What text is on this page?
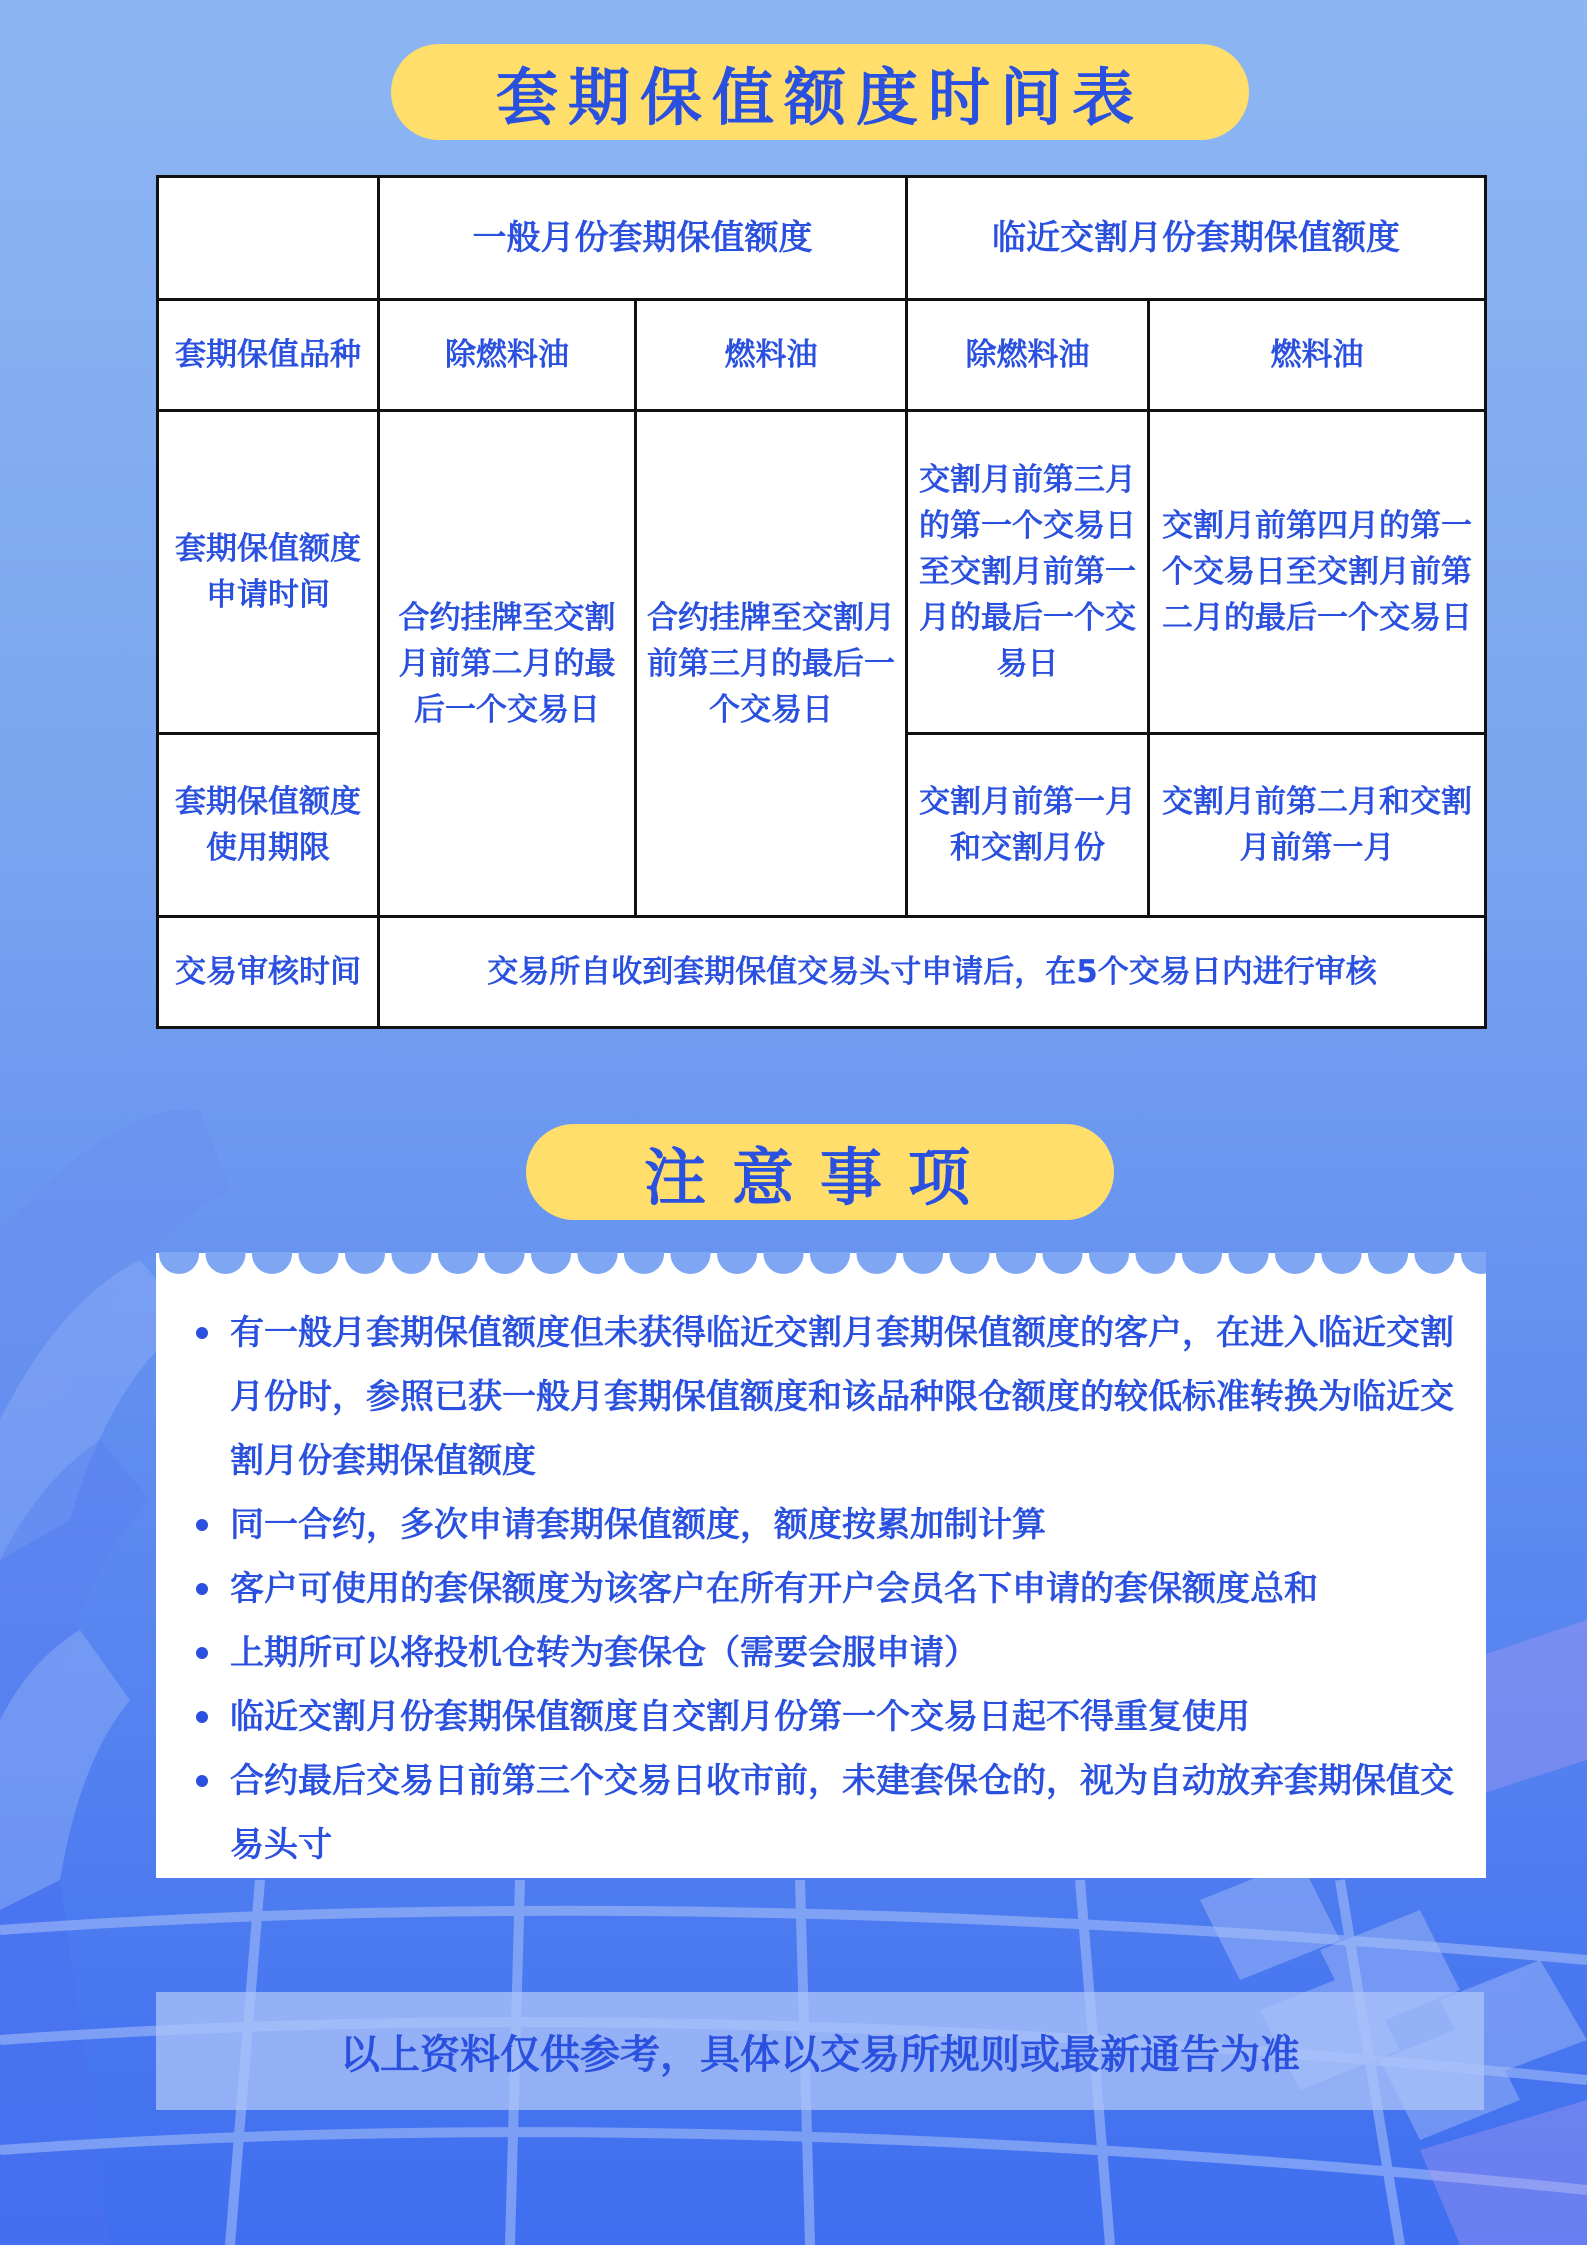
套期保值额度时间表
	一般月份套期保值额度		临近交割月份套期保值额度	
套期保值品种	除燃料油	燃料油	除燃料油	燃料油
套期保值额度申请时间	合约挂牌至交割月前第二月的最后一个交易日	合约挂牌至交割月前第三月的最后一个交易日	交割月前第三月的第一个交易日至交割月前第一月的最后一个交易日	交割月前第四月的第一个交易日至交割月前第二月的最后一个交易日
套期保值额度使用期限			交割月前第一月和交割月份	交割月前第二月和交割月前第一月
交易审核时间	交易所自收到套期保值交易头寸申请后，在5个交易日内进行审核			
注意事项
有一般月套期保值额度但未获得临近交割月套期保值额度的客户，在进入临近交割月份时，参照已获一般月套期保值额度和该品种限仓额度的较低标准转换为临近交割月份套期保值额度
同一合约，多次申请套期保值额度，额度按累加制计算
客户可使用的套保额度为该客户在所有开户会员名下申请的套保额度总和
上期所可以将投机仓转为套保仓（需要会服申请）
临近交割月份套期保值额度自交割月份第一个交易日起不得重复使用
合约最后交易日前第三个交易日收市前，未建套保仓的，视为自动放弃套期保值交易头寸
以上资料仅供参考，具体以交易所规则或最新通告为准
